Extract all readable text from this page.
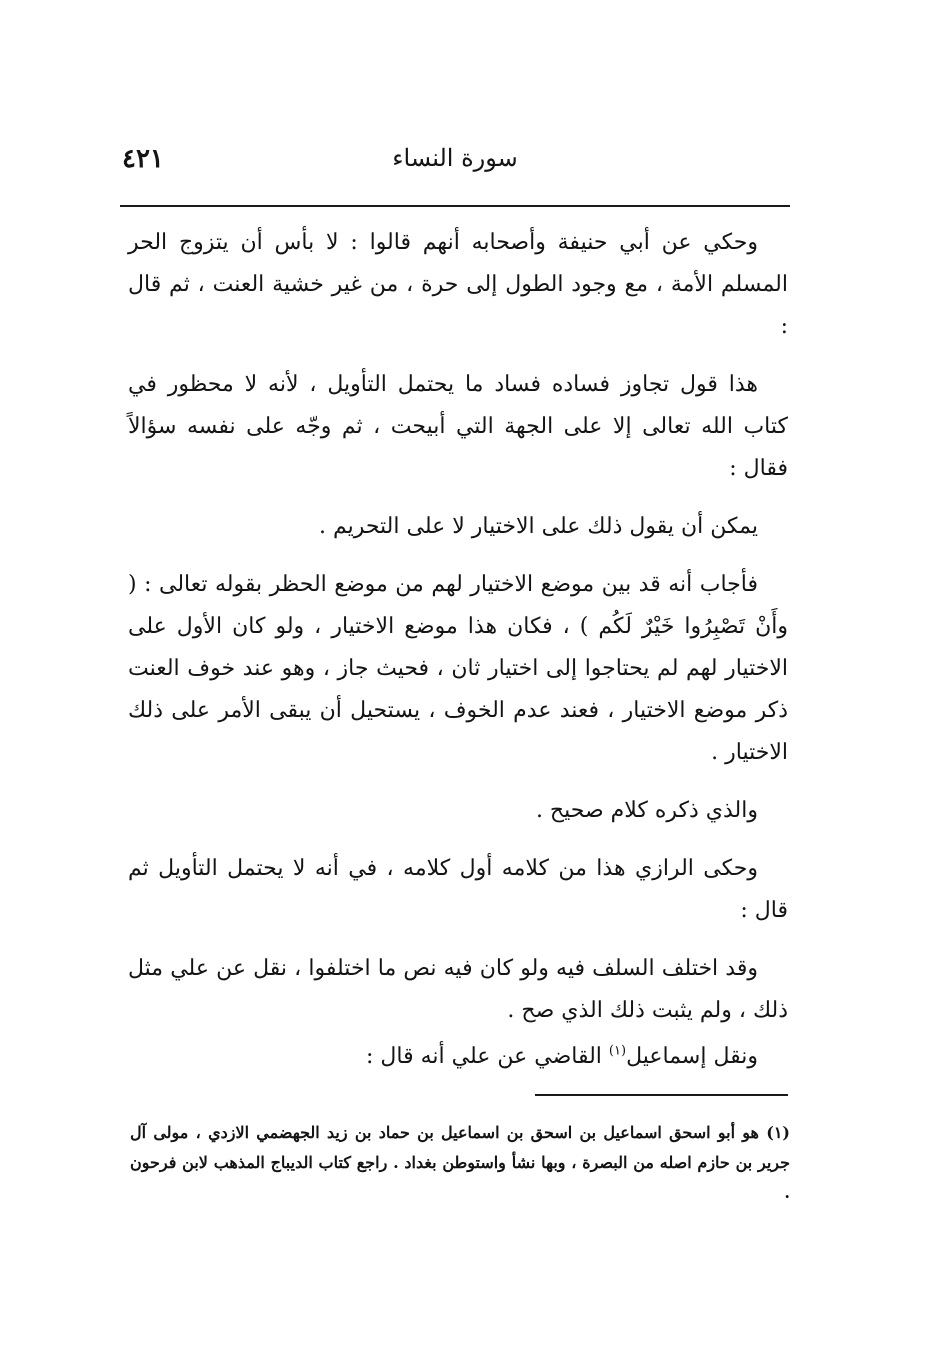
سورة النساء
٤٢١

وحكي عن أبي حنيفة وأصحابه أنهم قالوا : لا بأس أن يتزوج الحر المسلم الأمة ، مع وجود الطول إلى حرة ، من غير خشية العنت ، ثم قال :

هذا قول تجاوز فساده فساد ما يحتمل التأويل ، لأنه لا محظور في كتاب الله تعالى إلا على الجهة التي أبيحت ، ثم وجّه على نفسه سؤالاً فقال :

يمكن أن يقول ذلك على الاختيار لا على التحريم .

فأجاب أنه قد بين موضع الاختيار لهم من موضع الحظر بقوله تعالى : ( وأَنْ تَصْبِرُوا خَيْرٌ لَكُم ) ، فكان هذا موضع الاختيار ، ولو كان الأول على الاختيار لهم لم يحتاجوا إلى اختيار ثان ، فحيث جاز ، وهو عند خوف العنت ذكر موضع الاختيار ، فعند عدم الخوف ، يستحيل أن يبقى الأمر على ذلك الاختيار .

والذي ذكره كلام صحيح .

وحكى الرازي هذا من كلامه أول كلامه ، في أنه لا يحتمل التأويل ثم قال :

وقد اختلف السلف فيه ولو كان فيه نص ما اختلفوا ، نقل عن علي مثل ذلك ، ولم يثبت ذلك الذي صح .

ونقل إسماعيل$^{(١)}$ القاضي عن علي أنه قال :

(١) هو أبو اسحق اسماعيل بن اسحق بن اسماعيل بن حماد بن زيد الجهضمي الازدي ، مولى آل جرير بن حازم اصله من البصرة ، وبها نشأ واستوطن بغداد . راجع كتاب الديباج المذهب لابن فرحون .
